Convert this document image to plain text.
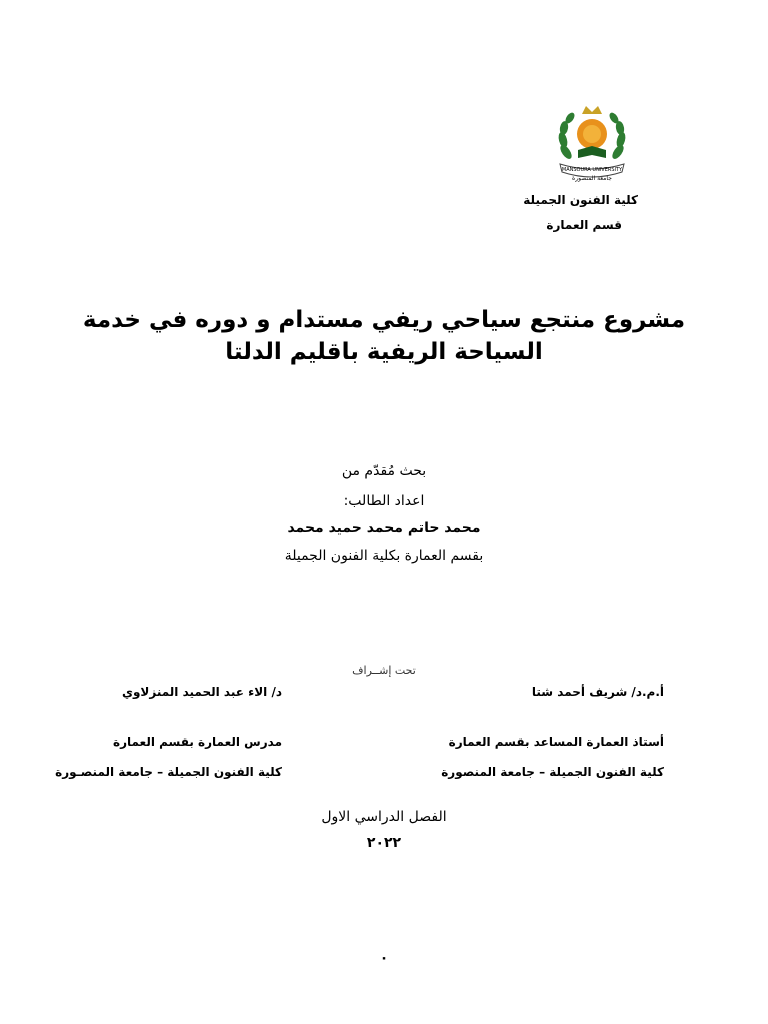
MANSOURA UNIVERSITY
جامعة المنصورة
كلية الفنون الجميلة
قسم العمارة
مشروع منتجع سياحي ريفي مستدام و دوره في خدمة
السياحة الريفية باقليم الدلتا
بحث مُقدّم من
اعداد الطالب:
محمد حاتم محمد حميد محمد
بقسم العمارة بكلية الفنون الجميلة
تحت إشــراف
أ.م.د/ شريف أحمد شتا
أستاذ العمارة المساعد بقسم العمارة
كلية الفنون الجميلة – جامعة المنصورة
د/ الاء عبد الحميد المنزلاوي
مدرس العمارة بقسم العمارة
كلية الفنون الجميلة – جامعة المنصـورة
الفصل الدراسي الاول
٢٠٢٢
٠
